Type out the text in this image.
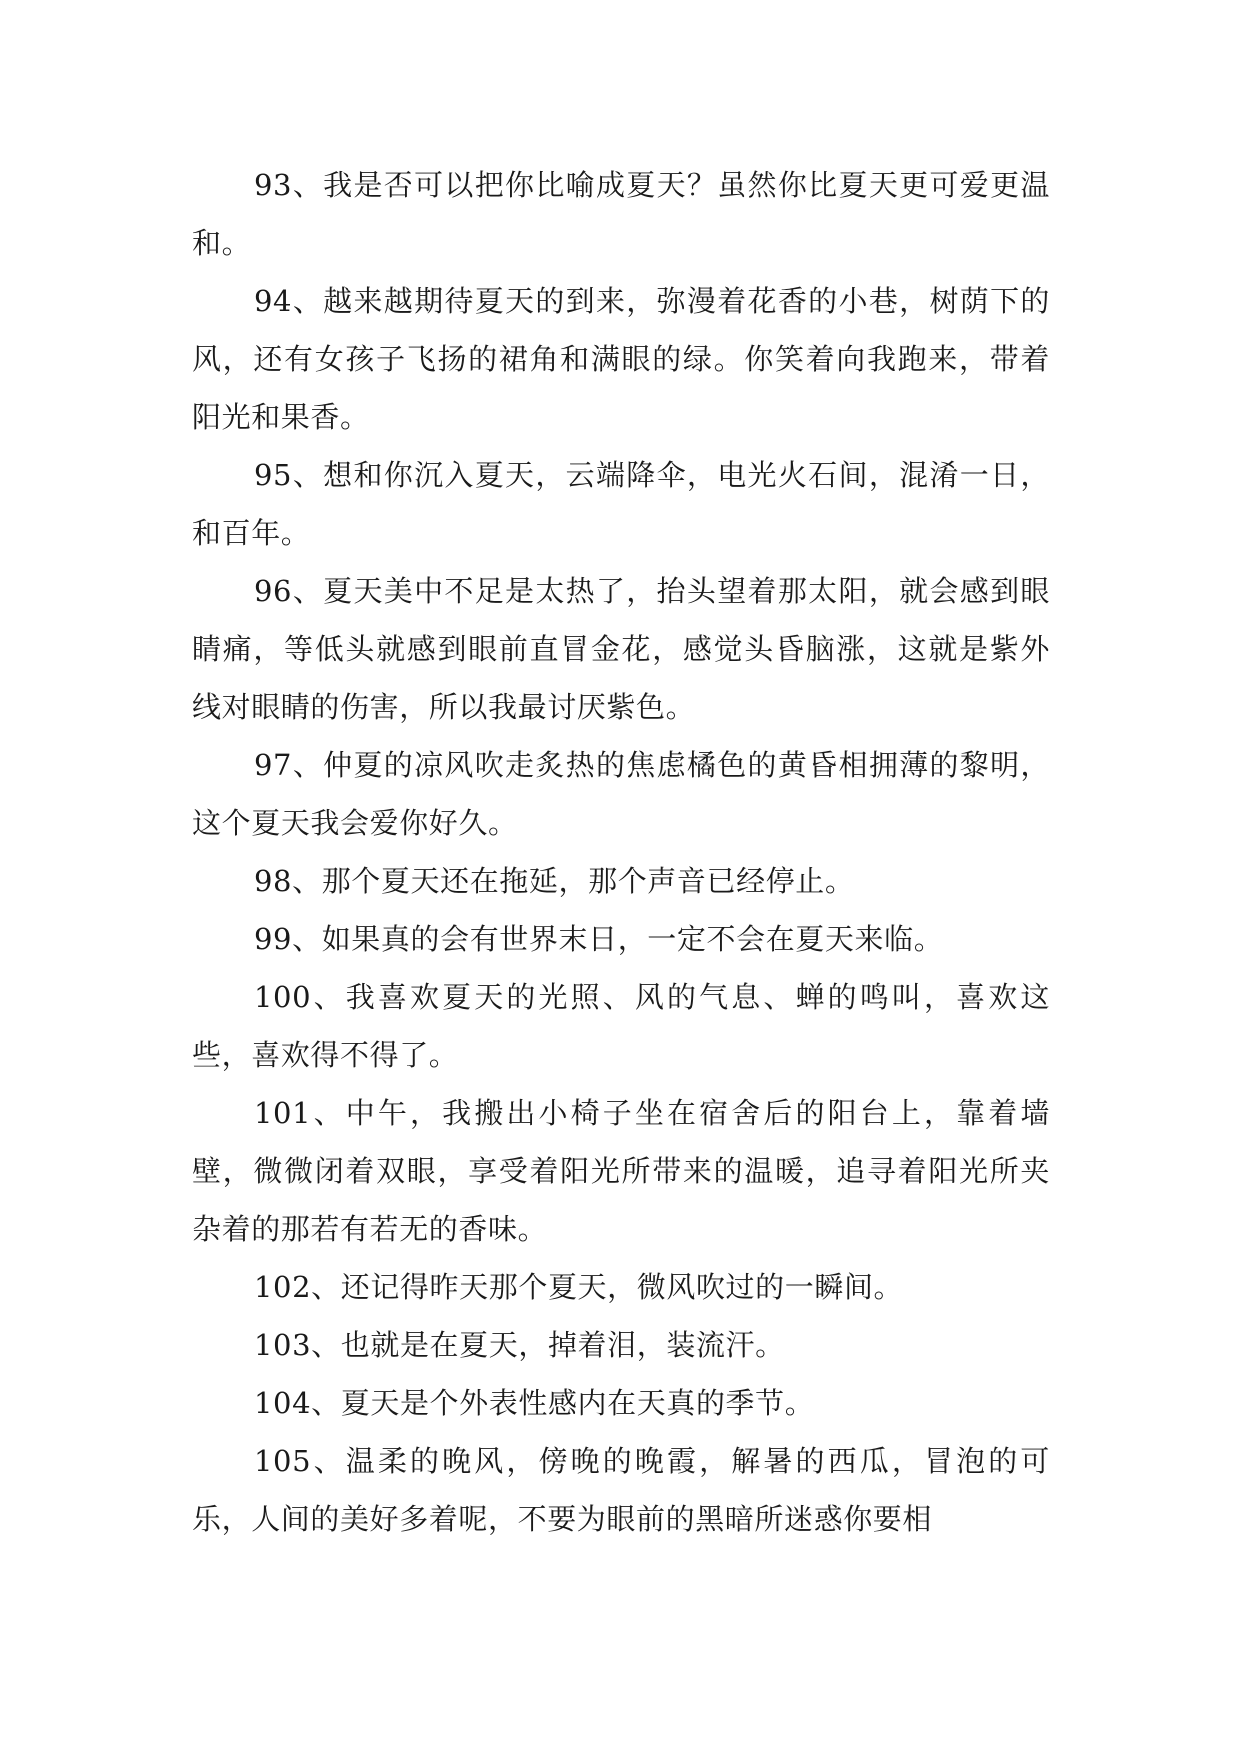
93、我是否可以把你比喻成夏天？虽然你比夏天更可爱更温和。

94、越来越期待夏天的到来，弥漫着花香的小巷，树荫下的风，还有女孩子飞扬的裙角和满眼的绿。你笑着向我跑来，带着阳光和果香。

95、想和你沉入夏天，云端降伞，电光火石间，混淆一日，和百年。

96、夏天美中不足是太热了，抬头望着那太阳，就会感到眼睛痛，等低头就感到眼前直冒金花，感觉头昏脑涨，这就是紫外线对眼睛的伤害，所以我最讨厌紫色。

97、仲夏的凉风吹走炙热的焦虑橘色的黄昏相拥薄的黎明，这个夏天我会爱你好久。

98、那个夏天还在拖延，那个声音已经停止。

99、如果真的会有世界末日，一定不会在夏天来临。

100、我喜欢夏天的光照、风的气息、蝉的鸣叫，喜欢这些，喜欢得不得了。

101、中午，我搬出小椅子坐在宿舍后的阳台上，靠着墙壁，微微闭着双眼，享受着阳光所带来的温暖，追寻着阳光所夹杂着的那若有若无的香味。

102、还记得昨天那个夏天，微风吹过的一瞬间。

103、也就是在夏天，掉着泪，装流汗。

104、夏天是个外表性感内在天真的季节。

105、温柔的晚风，傍晚的晚霞，解暑的西瓜，冒泡的可乐，人间的美好多着呢，不要为眼前的黑暗所迷惑你要相
